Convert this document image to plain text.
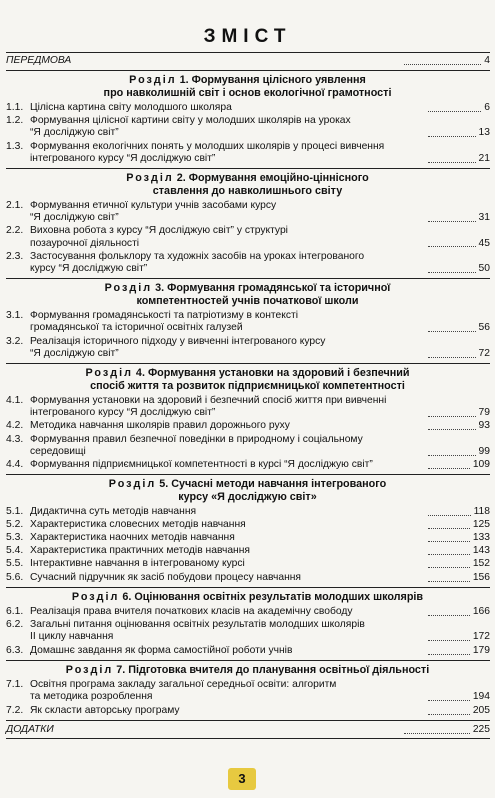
ЗМІСТ
ПЕРЕДМОВА	4
Розділ 1. Формування цілісного уявлення
про навколишній світ і основ екологічної грамотності
1.1. Цілісна картина світу молодшого школяра	6
1.2. Формування цілісної картини світу у молодших школярів на уроках
“Я досліджую світ”	13
1.3. Формування екологічних понять у молодших школярів у процесі вивчення
інтегрованого курсу “Я досліджую світ”	21
Розділ 2. Формування емоційно-ціннісного
ставлення до навколишнього світу
2.1. Формування етичної культури учнів засобами курсу
“Я досліджую світ”	31
2.2. Виховна робота з курсу “Я досліджую світ” у структурі
позаурочної діяльності	45
2.3. Застосування фольклору та художніх засобів на уроках інтегрованого
курсу “Я досліджую світ”	50
Розділ 3. Формування громадянської та історичної
компетентностей учнів початкової школи
3.1. Формування громадянськості та патріотизму в контексті
громадянської та історичної освітніх галузей	56
3.2. Реалізація історичного підходу у вивченні інтегрованого курсу
“Я досліджую світ”	72
Розділ 4. Формування установки на здоровий і безпечний
спосіб життя та розвиток підприємницької компетентності
4.1. Формування установки на здоровий і безпечний спосіб життя при вивченні
інтегрованого курсу “Я досліджую світ”	79
4.2. Методика навчання школярів правил дорожнього руху	93
4.3. Формування правил безпечної поведінки в природному і соціальному
середовищі	99
4.4. Формування підприємницької компетентності в курсі “Я досліджую світ”	109
Розділ 5. Сучасні методи навчання інтегрованого
курсу «Я досліджую світ»
5.1. Дидактична суть методів навчання	118
5.2. Характеристика словесних методів навчання	125
5.3. Характеристика наочних методів навчання	133
5.4. Характеристика практичних методів навчання	143
5.5. Інтерактивне навчання в інтегрованому курсі	152
5.6. Сучасний підручник як засіб побудови процесу навчання	156
Розділ 6. Оцінювання освітніх результатів молодших школярів
6.1. Реалізація права вчителя початкових класів на академічну свободу	166
6.2. Загальні питання оцінювання освітніх результатів молодших школярів
ІІ циклу навчання	172
6.3. Домашнє завдання як форма самостійної роботи учнів	179
Розділ 7. Підготовка вчителя до планування освітньої діяльності
7.1. Освітня програма закладу загальної середньої освіти: алгоритм
та методика розроблення	194
7.2. Як скласти авторську програму	205
ДОДАТКИ	225
3
